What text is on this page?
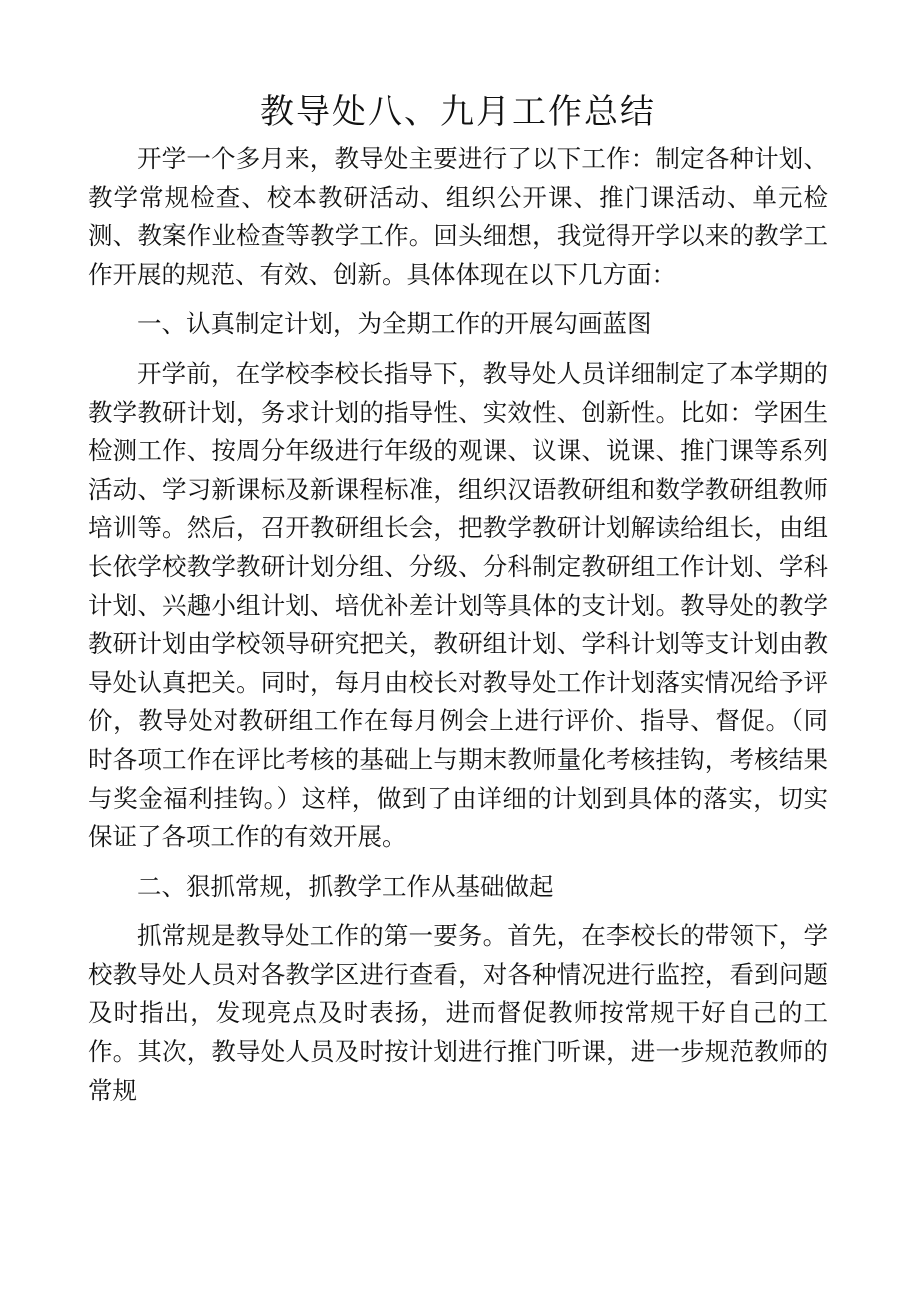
教导处八、九月工作总结

开学一个多月来，教导处主要进行了以下工作：制定各种计划、教学常规检查、校本教研活动、组织公开课、推门课活动、单元检测、教案作业检查等教学工作。回头细想，我觉得开学以来的教学工作开展的规范、有效、创新。具体体现在以下几方面：

一、认真制定计划，为全期工作的开展勾画蓝图

开学前，在学校李校长指导下，教导处人员详细制定了本学期的教学教研计划，务求计划的指导性、实效性、创新性。比如：学困生检测工作、按周分年级进行年级的观课、议课、说课、推门课等系列活动、学习新课标及新课程标准，组织汉语教研组和数学教研组教师培训等。然后，召开教研组长会，把教学教研计划解读给组长，由组长依学校教学教研计划分组、分级、分科制定教研组工作计划、学科计划、兴趣小组计划、培优补差计划等具体的支计划。教导处的教学教研计划由学校领导研究把关，教研组计划、学科计划等支计划由教导处认真把关。同时，每月由校长对教导处工作计划落实情况给予评价，教导处对教研组工作在每月例会上进行评价、指导、督促。（同时各项工作在评比考核的基础上与期末教师量化考核挂钩，考核结果与奖金福利挂钩。）这样，做到了由详细的计划到具体的落实，切实保证了各项工作的有效开展。

二、狠抓常规，抓教学工作从基础做起

抓常规是教导处工作的第一要务。首先，在李校长的带领下，学校教导处人员对各教学区进行查看，对各种情况进行监控，看到问题及时指出，发现亮点及时表扬，进而督促教师按常规干好自己的工作。其次，教导处人员及时按计划进行推门听课，进一步规范教师的常规
